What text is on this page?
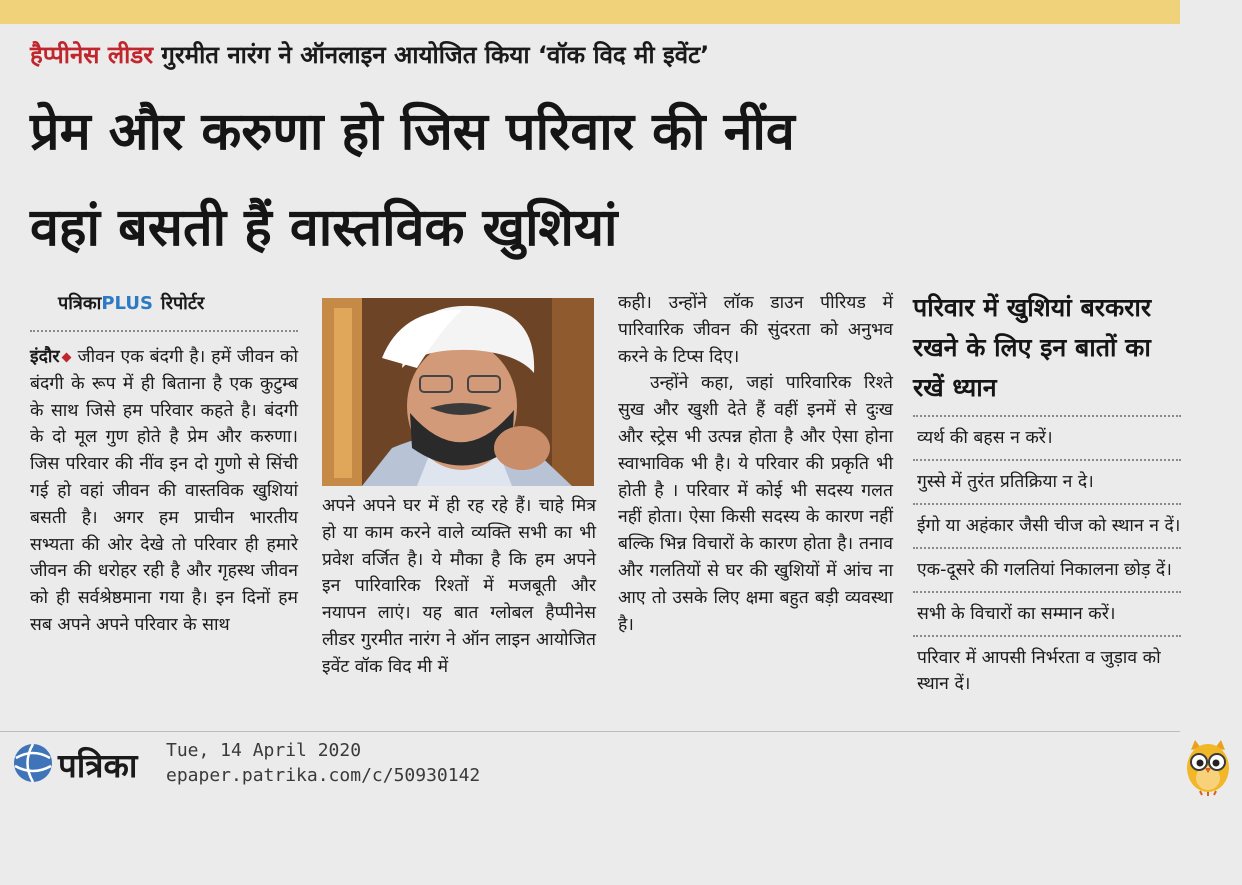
हैप्पीनेस लीडर गुरमीत नारंग ने ऑनलाइन आयोजित किया ‘वॉक विद मी इवेंट’
प्रेम और करुणा हो जिस परिवार की नींव
वहां बसती हैं वास्तविक खुशियां
पत्रिकाPLUS रिपोर्टर

इंदौर जीवन एक बंदगी है। हमें जीवन को बंदगी के रूप में ही बिताना है एक कुटुम्ब के साथ जिसे हम परिवार कहते है। बंदगी के दो मूल गुण होते है प्रेम और करुणा। जिस परिवार की नींव इन दो गुणो से सिंची गई हो वहां जीवन की वास्तविक खुशियां बसती है। अगर हम प्राचीन भारतीय सभ्यता की ओर देखे तो परिवार ही हमारे जीवन की धरोहर रही है और गृहस्थ जीवन को ही सर्वश्रेष्ठमाना गया है। इन दिनों हम सब अपने अपने परिवार के साथ

अपने अपने घर में ही रह रहे हैं। चाहे मित्र हो या काम करने वाले व्यक्ति सभी का भी प्रवेश वर्जित है। ये मौका है कि हम अपने इन पारिवारिक रिश्तों में मजबूती और नयापन लाएं। यह बात ग्लोबल हैप्पीनेस लीडर गुरमीत नारंग ने ऑन लाइन आयोजित इवेंट वॉक विद मी में

कही। उन्होंने लॉक डाउन पीरियड में पारिवारिक जीवन की सुंदरता को अनुभव करने के टिप्स दिए।

उन्होंने कहा, जहां पारिवारिक रिश्ते सुख और खुशी देते हैं वहीं इनमें से दुःख और स्ट्रेस भी उत्पन्न होता है और ऐसा होना स्वाभाविक भी है। ये परिवार की प्रकृति भी होती है । परिवार में कोई भी सदस्य गलत नहीं होता। ऐसा किसी सदस्य के कारण नहीं बल्कि भिन्न विचारों के कारण होता है। तनाव और गलतियों से घर की खुशियों में आंच ना आए तो उसके लिए क्षमा बहुत बड़ी व्यवस्था है।

परिवार में खुशियां बरकरार रखने के लिए इन बातों का रखें ध्यान
व्यर्थ की बहस न करें।
गुस्से में तुरंत प्रतिक्रिया न दे।
ईगो या अहंकार जैसी चीज को स्थान न दें।
एक-दूसरे की गलतियां निकालना छोड़ दें।
सभी के विचारों का सम्मान करें।
परिवार में आपसी निर्भरता व जुड़ाव को स्थान दें।
पत्रिका Tue, 14 April 2020
epaper.patrika.com/c/50930142
